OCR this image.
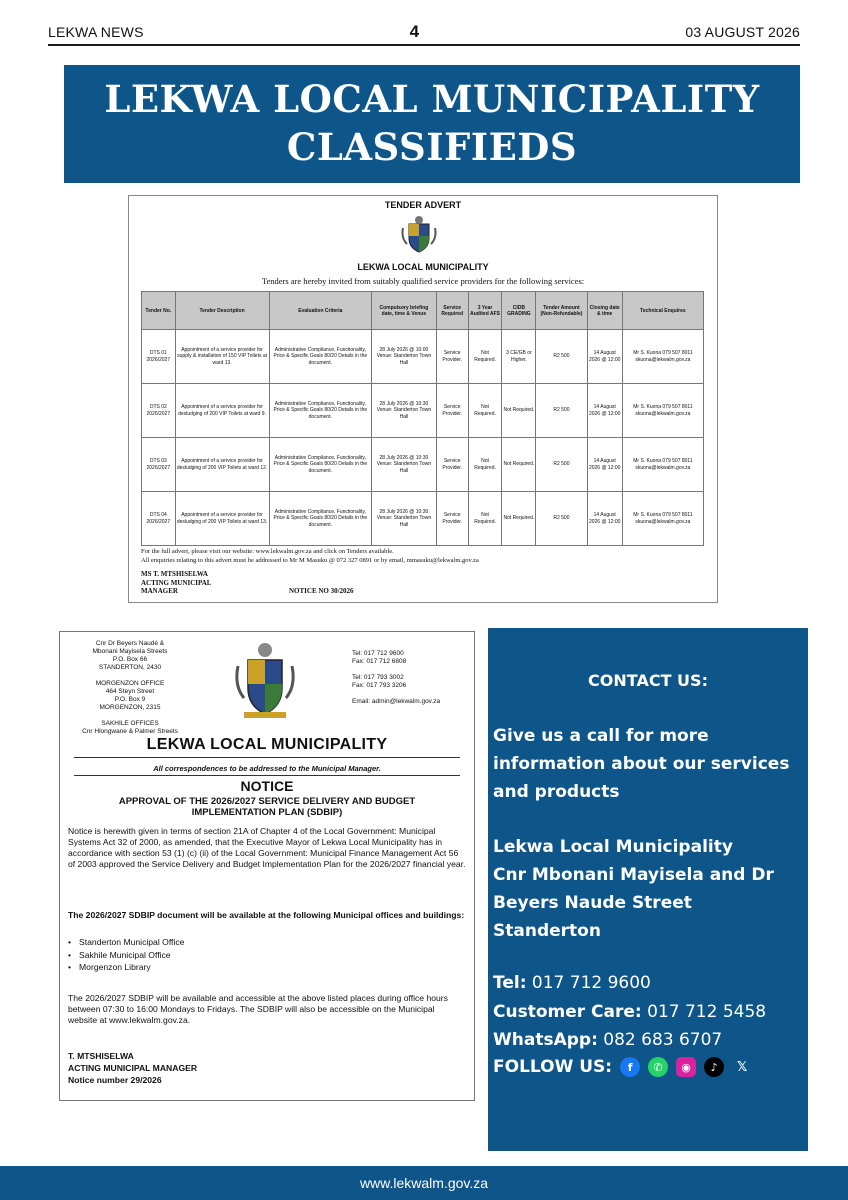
LEKWA NEWS	4	03 AUGUST 2026
LEKWA LOCAL MUNICIPALITY
CLASSIFIEDS
TENDER ADVERT
LEKWA LOCAL MUNICIPALITY
Tenders are hereby invited from suitably qualified service providers for the following services:
Tender No.	Tender Description	Evaluation Criteria	Compulsory briefing date, time & Venue	Service Required	3 Year Audited AFS	CIDB GRADING	Tender Amount (Non-Refundable)	Closing date & time	Technical Enquires
DTS 01 2026/2027	Appointment of a service provider for supply & installation of 150 VIP Toilets at ward 13.	Administrative Compliance, Functionality, Price & Specific Goals 80/20 Details in the document.	28 July 2026 @ 10:00 Venue: Standerton Town Hall	Service Provider.	Not Required.	3 CE/GB or Higher.	R2 500	14 August 2026 @ 12:00	Mr S. Kuona 079 507 8011 skuona@lekwalm.gov.za
DTS 02 2026/2027	Appointment of a service provider for desludging of 200 VIP Toilets at ward 9.	Administrative Compliance, Functionality, Price & Specific Goals 80/20 Details in the document.	28 July 2026 @ 10:30 Venue: Standerton Town Hall	Service Provider.	Not Required.	Not Required.	R2 500	14 August 2026 @ 12:00	Mr S. Kuona 079 507 8011 skuona@lekwalm.gov.za
DTS 03 2026/2027	Appointment of a service provider for desludging of 200 VIP Toilets at ward 12.	Administrative Compliance, Functionality, Price & Specific Goals 80/20 Details in the document.	28 July 2026 @ 10:30 Venue: Standerton Town Hall	Service Provider.	Not Required.	Not Required.	R2 500	14 August 2026 @ 12:00	Mr S. Kuona 079 507 8011 skuona@lekwalm.gov.za
DTS 04 2026/2027	Appointment of a service provider for desludging of 200 VIP Toilets at ward 13.	Administrative Compliance, Functionality, Price & Specific Goals 80/20 Details in the document.	28 July 2026 @ 10:30 Venue: Standerton Town Hall	Service Provider.	Not Required.	Not Required.	R2 500	14 August 2026 @ 12:00	Mr S. Kuona 079 507 8011 skuona@lekwalm.gov.za
For the full advert, please visit our website: www.lekwalm.gov.za and click on Tenders available.
All enquiries relating to this advert must be addressed to Mr M Masuku @ 072 327 0891 or by email, mmasuku@lekwalm.gov.za
MS T. MTSHISELWA
ACTING MUNICIPAL
MANAGER	NOTICE NO 30/2026
Cnr Dr Beyers Naudé &
Mbonani Mayisela Streets
P.O. Box 66
STANDERTON, 2430

MORGENZON OFFICE
464 Steyn Street
P.O. Box 9
MORGENZON, 2315

SAKHILE OFFICES
Cnr Hlongwane & Palmer Streets
Tel: 017 712 9600
Fax: 017 712 6808

Tel: 017 793 3002
Fax: 017 793 3206

Email: admin@lekwalm.gov.za
LEKWA LOCAL MUNICIPALITY
All correspondences to be addressed to the Municipal Manager.
NOTICE
APPROVAL OF THE 2026/2027 SERVICE DELIVERY AND BUDGET IMPLEMENTATION PLAN (SDBIP)
Notice is herewith given in terms of section 21A of Chapter 4 of the Local Government: Municipal Systems Act 32 of 2000, as amended, that the Executive Mayor of Lekwa Local Municipality has in accordance with section 53 (1) (c) (ii) of the Local Government: Municipal Finance Management Act 56 of 2003 approved the Service Delivery and Budget Implementation Plan for the 2026/2027 financial year.
The 2026/2027 SDBIP document will be available at the following Municipal offices and buildings:
• Standerton Municipal Office
• Sakhile Municipal Office
• Morgenzon Library
The 2026/2027 SDBIP will be available and accessible at the above listed places during office hours between 07:30 to 16:00 Mondays to Fridays. The SDBIP will also be accessible on the Municipal website at www.lekwalm.gov.za.
T. MTSHISELWA
ACTING MUNICIPAL MANAGER
Notice number 29/2026
CONTACT US:
Give us a call for more information about our services and products
Lekwa Local Municipality
Cnr Mbonani Mayisela and Dr Beyers Naude Street
Standerton
Tel: 017 712 9600
Customer Care: 017 712 5458
WhatsApp: 082 683 6707
FOLLOW US:	f	✆	◉	♪	𝕏
www.lekwalm.gov.za
